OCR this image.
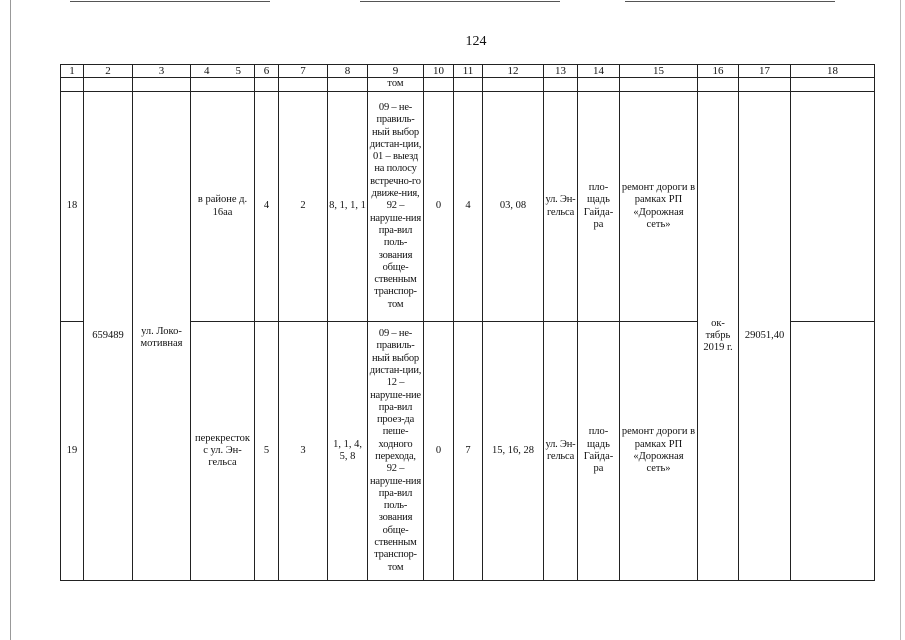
124
1	2	3	4	5	6	7	8	9	10	11	12	13	14	15	16	17	18
								том									
18	659489	ул. Локо-мотивная	в районе д. 16аа		4	2	8, 1, 1, 1	09 – не-правиль-ный выбор дистан-ции, 01 – выезд на полосу встречно-го движе-ния, 92 – наруше-ния пра-вил поль-зования обще-ственным транспор-том	0	4	03, 08	ул. Эн-гельса	пло-щадь Гайда-ра	ремонт дороги в рамках РП «Дорожная сеть»	ок-тябрь 2019 г.	29051,40	
19			перекресток с ул. Эн-гельса		5	3	1, 1, 4, 5, 8	09 – не-правиль-ный выбор дистан-ции, 12 – наруше-ние пра-вил проез-да пеше-ходного перехода, 92 – наруше-ния пра-вил поль-зования обще-ственным транспор-том	0	7	15, 16, 28	ул. Эн-гельса	пло-щадь Гайда-ра	ремонт дороги в рамках РП «Дорожная сеть»			
